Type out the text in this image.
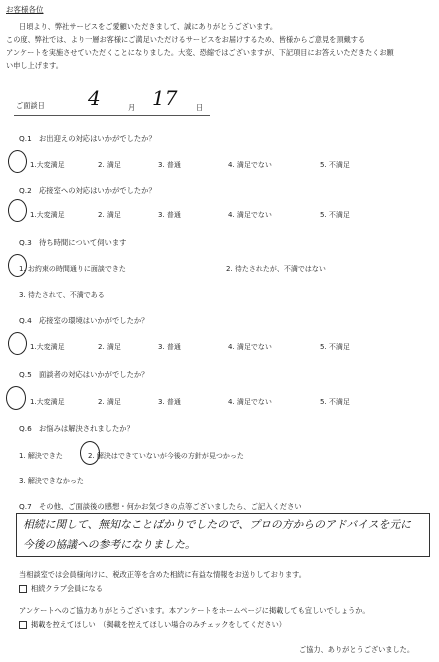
お客様各位
日頃より、弊社サービスをご愛顧いただきまして、誠にありがとうございます。
この度、弊社では、より一層お客様にご満足いただけるサービスをお届けするため、皆様からご意見を頂戴する
アンケートを実施させていただくことになりました。大変、恐縮ではございますが、下記項目にお答えいただきたくお願
い申し上げます。
ご面談日 4	月 17	日
Q.1　お出迎えの対応はいかがでしたか？
1.大変満足	2. 満足	3. 普通	4. 満足でない	5. 不満足
Q.2　応接室への対応はいかがでしたか？
1.大変満足	2. 満足	3. 普通	4. 満足でない	5. 不満足
Q.3　待ち時間について伺います
1. お約束の時間通りに面談できた	2. 待たされたが、不満ではない
3. 待たされて、不満である
Q.4　応接室の環境はいかがでしたか？
1.大変満足	2. 満足	3. 普通	4. 満足でない	5. 不満足
Q.5　面談者の対応はいかがでしたか？
1.大変満足	2. 満足	3. 普通	4. 満足でない	5. 不満足
Q.6　お悩みは解決されましたか？
1. 解決できた	2. 解決はできていないが今後の方針が見つかった
3. 解決できなかった
Q.7　その他、ご面談後の感想・何かお気づきの点等ございましたら、ご記入ください
相続に関して、無知なことばかりでしたので、プロの方からのアドバイスを元に
今後の協議への参考になりました。
当相談室では会員様向けに、税改正等を含めた相続に有益な情報をお送りしております。
相続クラブ会員になる
アンケートへのご協力ありがとうございます。本アンケートをホームページに掲載しても宜しいでしょうか。
掲載を控えてほしい　（掲載を控えてほしい場合のみチェックをしてください）
ご協力、ありがとうございました。
